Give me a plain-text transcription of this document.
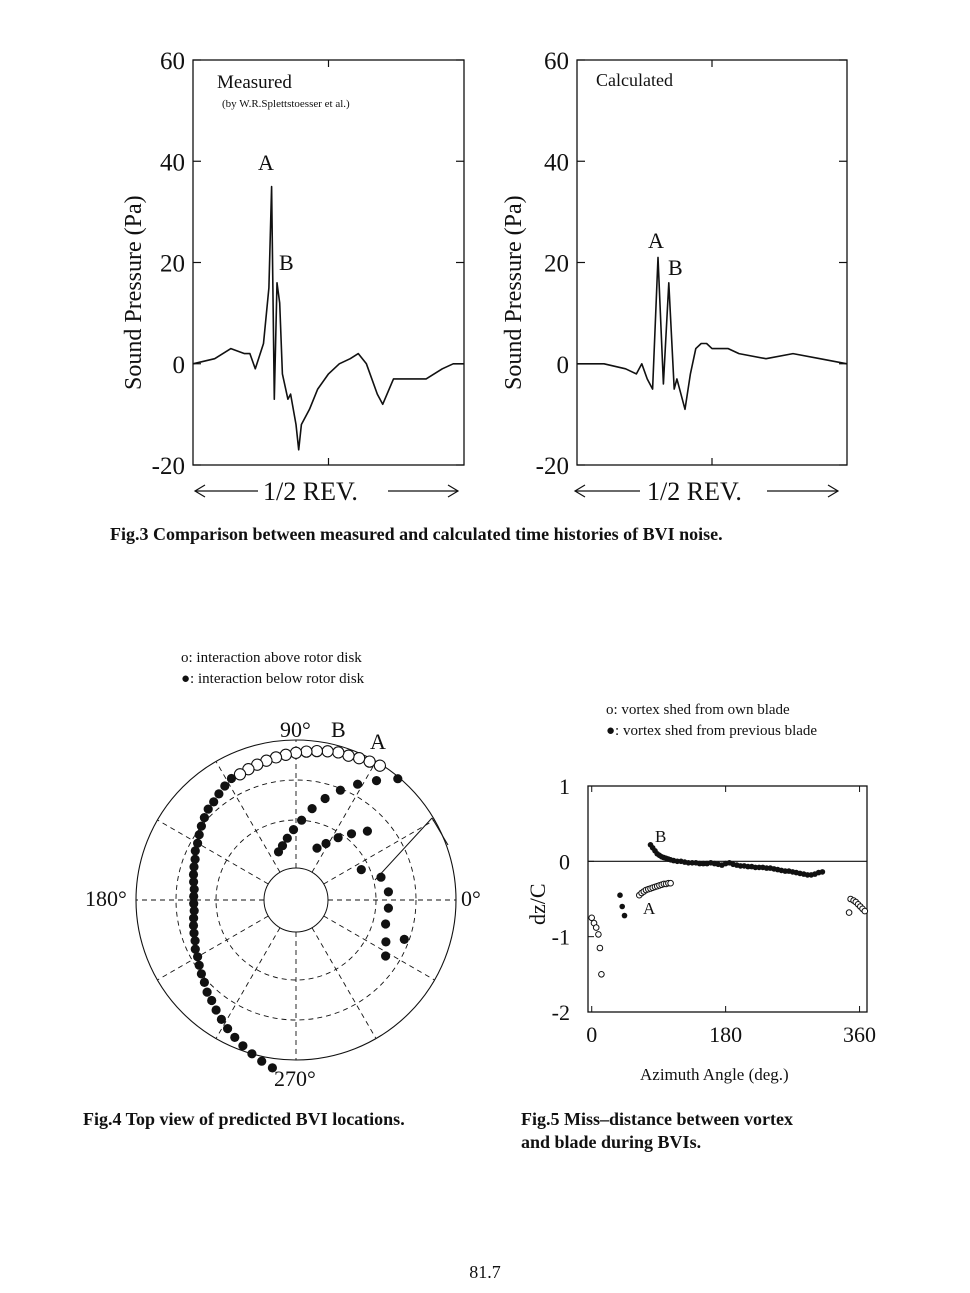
60
40
20
0
-20
Measured
(by W.R.Splettstoesser et al.)
Sound Pressure (Pa)
A
B
1/2 REV.
60
40
20
0
-20
Calculated
Sound Pressure (Pa)	A
B
1/2 REV.
Fig.3 Comparison between measured and calculated time histories of BVI noise.
o: interaction above rotor disk
●: interaction below rotor disk
90°
180°	0°
270°
B A
Fig.4 Top view of predicted BVI locations.
o: vortex shed from own blade
●: vortex shed from previous blade
1
0
-1
-2
0	180	360
dz/C
Azimuth Angle (deg.)
B
A
Fig.5 Miss–distance between vortex
and blade during BVIs.
81.7
